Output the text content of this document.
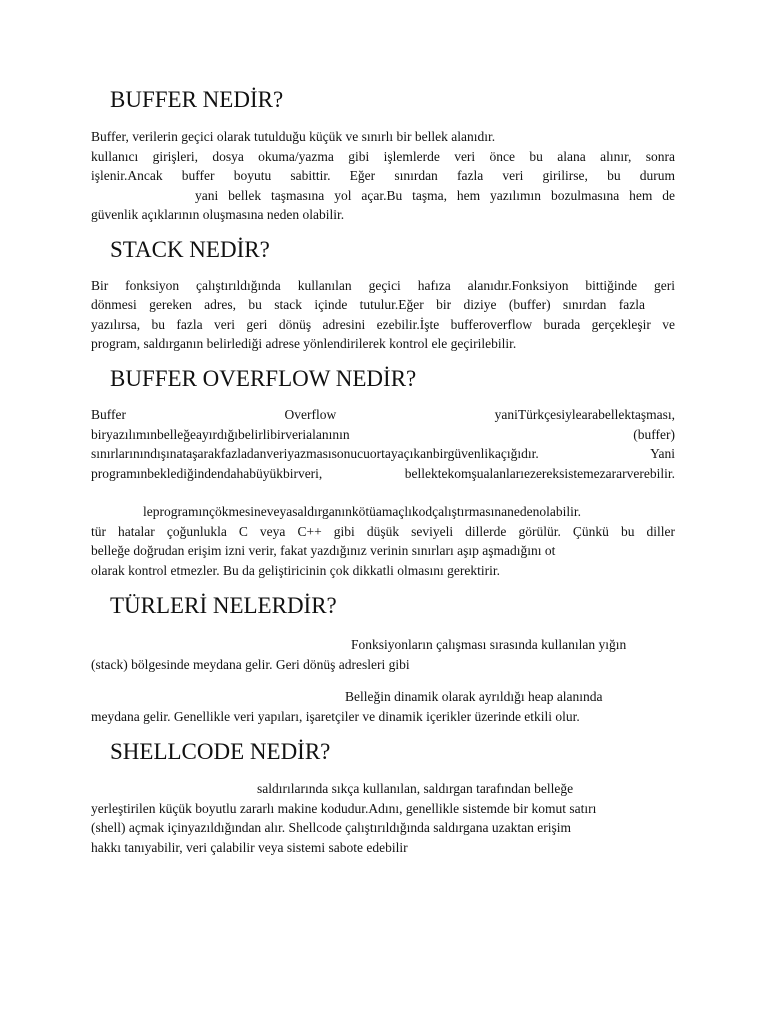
BUFFER NEDİR?
Buffer, verilerin geçici olarak tutulduğu küçük ve sınırlı bir bellek alanıdır.
kullanıcı girişleri, dosya okuma/yazma gibi işlemlerde veri önce bu alana alınır, sonra
işlenir.Ancak buffer boyutu sabittir. Eğer sınırdan fazla veri girilirse, bu durum
yani bellek taşmasına yol açar.Bu taşma, hem yazılımın bozulmasına hem de
güvenlik açıklarının oluşmasına neden olabilir.
STACK NEDİR?
Bir fonksiyon çalıştırıldığında kullanılan geçici hafıza alanıdır.Fonksiyon bittiğinde geri
dönmesi gereken adres, bu stack içinde tutulur.Eğer bir diziye (buffer) sınırdan fazla
yazılırsa, bu fazla veri geri dönüş adresini ezebilir.İşte bufferoverflow burada gerçekleşir ve
program, saldırganın belirlediği adrese yönlendirilerek kontrol ele geçirilebilir.
BUFFER OVERFLOW NEDİR?
Buffer	Overflow	yaniTürkçesiylearabellektaşması,
biryazılımınbelleğeayırdığıbelirlibirverialanının	(buffer)
sınırlarınındışınataşarakfazladanveriyazmasısonucuortayaçıkanbirgüvenlikaçığıdır.	Yani
programınbeklediğindendahabüyükbirveri,	bellektekomşualanlarıezereksistemezararverebilir.
leprogramınçökmesineveyasaldırganınkötüamaçlıkodçalıştırmasınanedenolabilir.
tür hatalar çoğunlukla C veya C++ gibi düşük seviyeli dillerde görülür. Çünkü bu diller
belleğe doğrudan erişim izni verir, fakat yazdığınız verinin sınırları aşıp aşmadığını ot
olarak kontrol etmezler. Bu da geliştiricinin çok dikkatli olmasını gerektirir.
TÜRLERİ NELERDİR?
Fonksiyonların çalışması sırasında kullanılan yığın
(stack) bölgesinde meydana gelir. Geri dönüş adresleri gibi
Belleğin dinamik olarak ayrıldığı heap alanında
meydana gelir. Genellikle veri yapıları, işaretçiler ve dinamik içerikler üzerinde etkili olur.
SHELLCODE NEDİR?
saldırılarında sıkça kullanılan, saldırgan tarafından belleğe
yerleştirilen küçük boyutlu zararlı makine kodudur.Adını, genellikle sistemde bir komut satırı
(shell) açmak içinyazıldığından alır. Shellcode çalıştırıldığında saldırgana uzaktan erişim
hakkı tanıyabilir, veri çalabilir veya sistemi sabote edebilir
